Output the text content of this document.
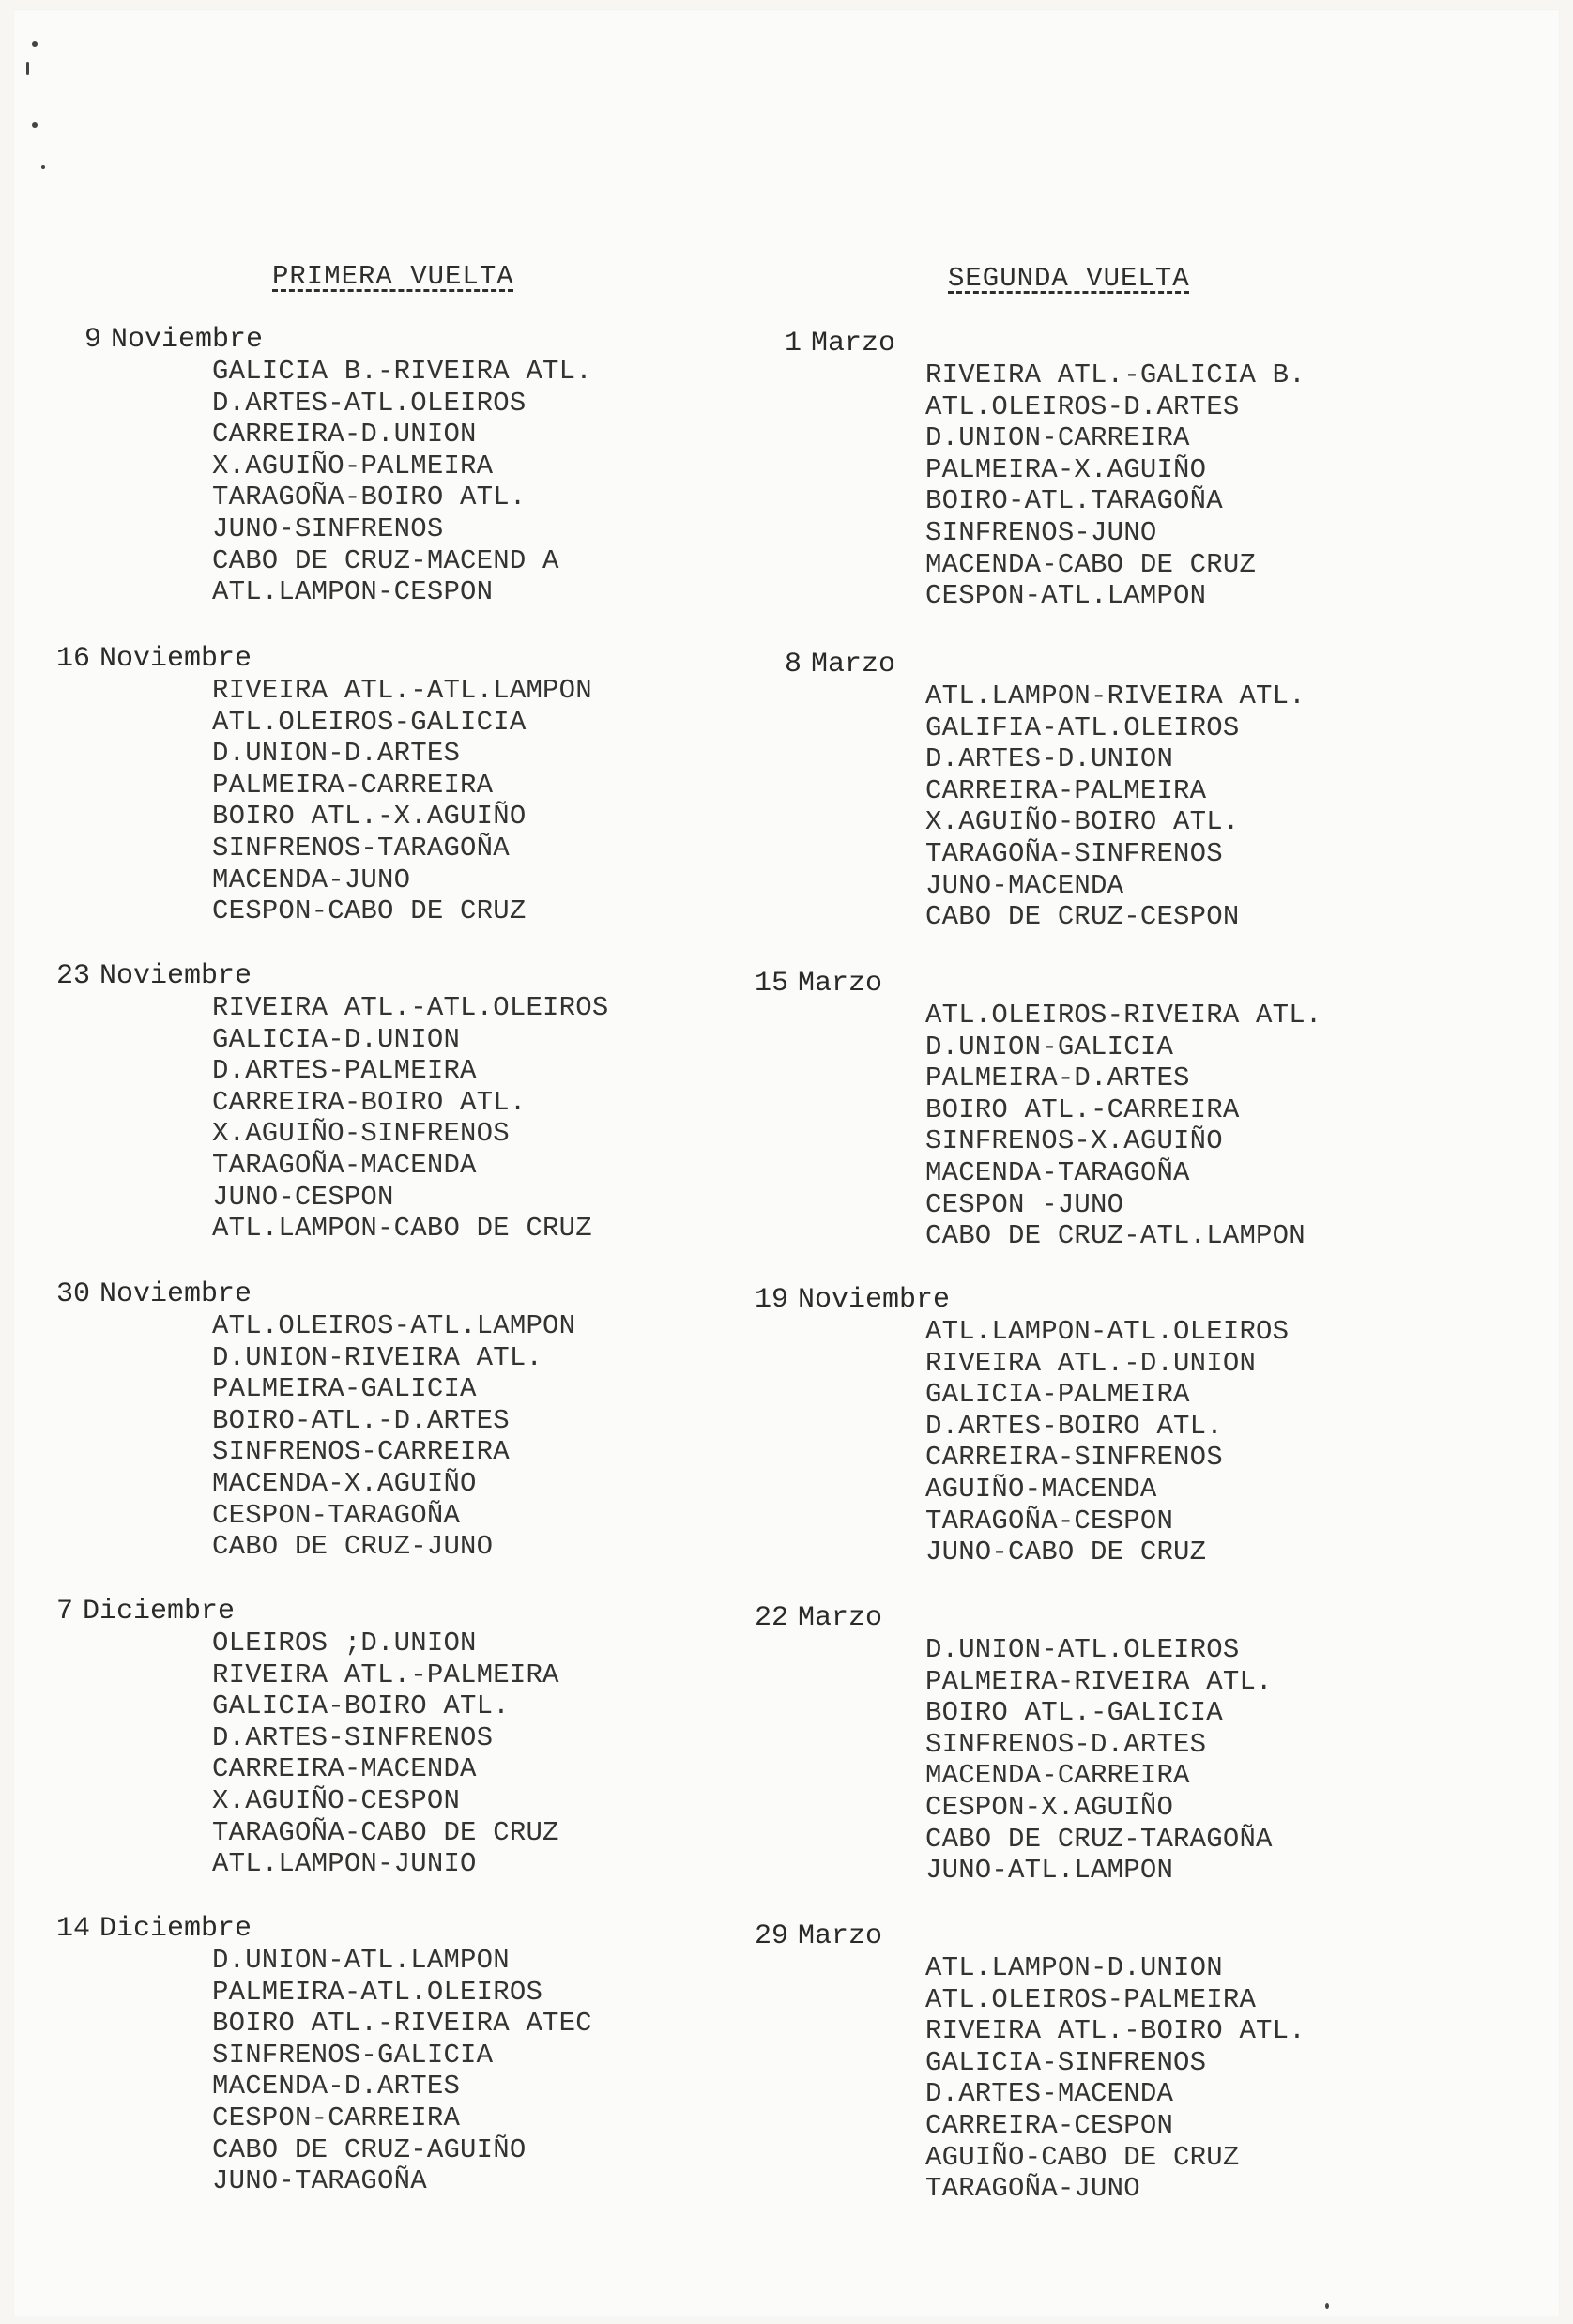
PRIMERA VUELTA
9 Noviembre
GALICIA B.-RIVEIRA ATL.
D.ARTES-ATL.OLEIROS
CARREIRA-D.UNION
X.AGUIÑO-PALMEIRA
TARAGOÑA-BOIRO ATL.
JUNO-SINFRENOS
CABO DE CRUZ-MACEND A
ATL.LAMPON-CESPON
16 Noviembre
RIVEIRA ATL.-ATL.LAMPON
ATL.OLEIROS-GALICIA
D.UNION-D.ARTES
PALMEIRA-CARREIRA
BOIRO ATL.-X.AGUIÑO
SINFRENOS-TARAGOÑA
MACENDA-JUNO
CESPON-CABO DE CRUZ
23 Noviembre
RIVEIRA ATL.-ATL.OLEIROS
GALICIA-D.UNION
D.ARTES-PALMEIRA
CARREIRA-BOIRO ATL.
X.AGUIÑO-SINFRENOS
TARAGOÑA-MACENDA
JUNO-CESPON
ATL.LAMPON-CABO DE CRUZ
30 Noviembre
ATL.OLEIROS-ATL.LAMPON
D.UNION-RIVEIRA ATL.
PALMEIRA-GALICIA
BOIRO-ATL.-D.ARTES
SINFRENOS-CARREIRA
MACENDA-X.AGUIÑO
CESPON-TARAGOÑA
CABO DE CRUZ-JUNO
7 Diciembre
OLEIROS ;D.UNION
RIVEIRA ATL.-PALMEIRA
GALICIA-BOIRO ATL.
D.ARTES-SINFRENOS
CARREIRA-MACENDA
X.AGUIÑO-CESPON
TARAGOÑA-CABO DE CRUZ
ATL.LAMPON-JUNIO
14 Diciembre
D.UNION-ATL.LAMPON
PALMEIRA-ATL.OLEIROS
BOIRO ATL.-RIVEIRA ATEC
SINFRENOS-GALICIA
MACENDA-D.ARTES
CESPON-CARREIRA
CABO DE CRUZ-AGUIÑO
JUNO-TARAGOÑA
SEGUNDA VUELTA
1 Marzo
RIVEIRA ATL.-GALICIA B.
ATL.OLEIROS-D.ARTES
D.UNION-CARREIRA
PALMEIRA-X.AGUIÑO
BOIRO-ATL.TARAGOÑA
SINFRENOS-JUNO
MACENDA-CABO DE CRUZ
CESPON-ATL.LAMPON
8 Marzo
ATL.LAMPON-RIVEIRA ATL.
GALIFIA-ATL.OLEIROS
D.ARTES-D.UNION
CARREIRA-PALMEIRA
X.AGUIÑO-BOIRO ATL.
TARAGOÑA-SINFRENOS
JUNO-MACENDA
CABO DE CRUZ-CESPON
15 Marzo
ATL.OLEIROS-RIVEIRA ATL.
D.UNION-GALICIA
PALMEIRA-D.ARTES
BOIRO ATL.-CARREIRA
SINFRENOS-X.AGUIÑO
MACENDA-TARAGOÑA
CESPON -JUNO
CABO DE CRUZ-ATL.LAMPON
19 Noviembre
ATL.LAMPON-ATL.OLEIROS
RIVEIRA ATL.-D.UNION
GALICIA-PALMEIRA
D.ARTES-BOIRO ATL.
CARREIRA-SINFRENOS
AGUIÑO-MACENDA
TARAGOÑA-CESPON
JUNO-CABO DE CRUZ
22 Marzo
D.UNION-ATL.OLEIROS
PALMEIRA-RIVEIRA ATL.
BOIRO ATL.-GALICIA
SINFRENOS-D.ARTES
MACENDA-CARREIRA
CESPON-X.AGUIÑO
CABO DE CRUZ-TARAGOÑA
JUNO-ATL.LAMPON
29 Marzo
ATL.LAMPON-D.UNION
ATL.OLEIROS-PALMEIRA
RIVEIRA ATL.-BOIRO ATL.
GALICIA-SINFRENOS
D.ARTES-MACENDA
CARREIRA-CESPON
AGUIÑO-CABO DE CRUZ
TARAGOÑA-JUNO
